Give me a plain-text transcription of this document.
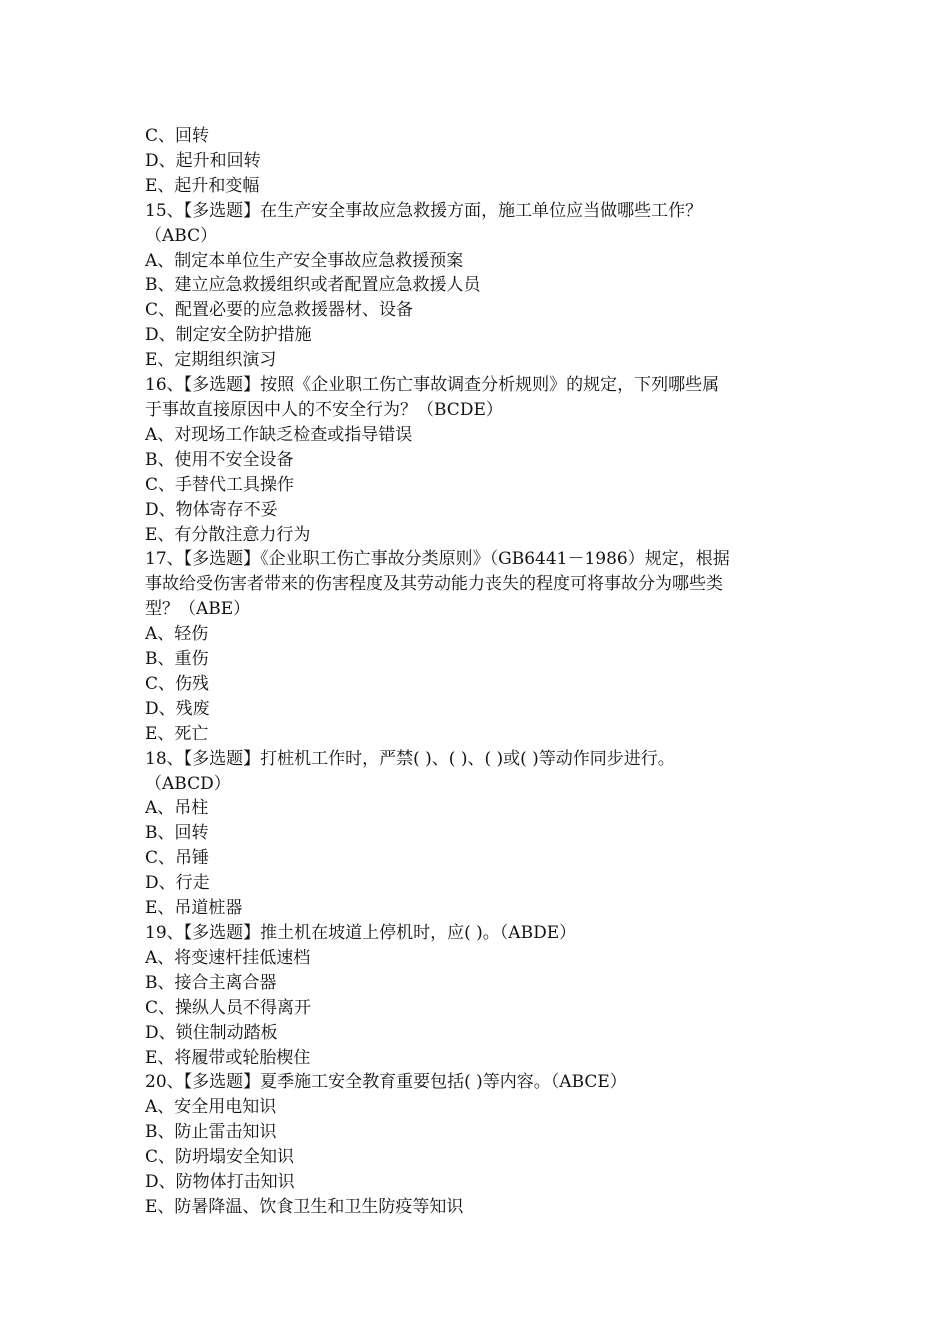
C、回转
D、起升和回转
E、起升和变幅
15、【多选题】在生产安全事故应急救援方面，施工单位应当做哪些工作？
（ABC）
A、制定本单位生产安全事故应急救援预案
B、建立应急救援组织或者配置应急救援人员
C、配置必要的应急救援器材、设备
D、制定安全防护措施
E、定期组织演习
16、【多选题】按照《企业职工伤亡事故调查分析规则》的规定，下列哪些属
于事故直接原因中人的不安全行为？（BCDE）
A、对现场工作缺乏检查或指导错误
B、使用不安全设备
C、手替代工具操作
D、物体寄存不妥
E、有分散注意力行为
17、【多选题】《企业职工伤亡事故分类原则》（GB6441－1986）规定，根据
事故给受伤害者带来的伤害程度及其劳动能力丧失的程度可将事故分为哪些类
型？（ABE）
A、轻伤
B、重伤
C、伤残
D、残废
E、死亡
18、【多选题】打桩机工作时，严禁( )、( )、( )或( )等动作同步进行。
（ABCD）
A、吊柱
B、回转
C、吊锤
D、行走
E、吊道桩器
19、【多选题】推土机在坡道上停机时，应( )。（ABDE）
A、将变速杆挂低速档
B、接合主离合器
C、操纵人员不得离开
D、锁住制动踏板
E、将履带或轮胎楔住
20、【多选题】夏季施工安全教育重要包括( )等内容。（ABCE）
A、安全用电知识
B、防止雷击知识
C、防坍塌安全知识
D、防物体打击知识
E、防暑降温、饮食卫生和卫生防疫等知识
